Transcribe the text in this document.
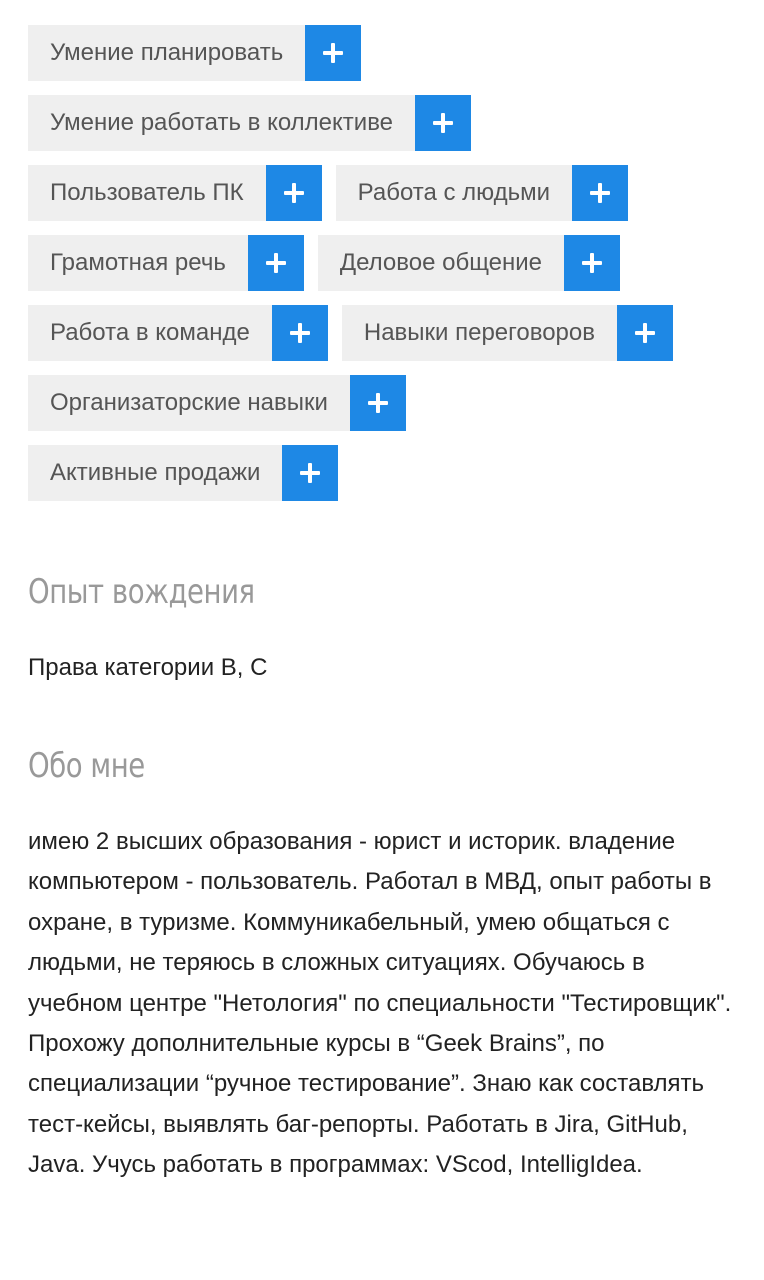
Умение планировать
Умение работать в коллективе
Пользователь ПК	Работа с людьми
Грамотная речь	Деловое общение
Работа в команде	Навыки переговоров
Организаторские навыки
Активные продажи
Опыт вождения

Права категории B, C

Обо мне

имею 2 высших образования - юрист и историк. владение компьютером - пользователь. Работал в МВД, опыт работы в охране, в туризме. Коммуникабельный, умею общаться с людьми, не теряюсь в сложных ситуациях. Обучаюсь в учебном центре "Нетология" по специальности "Тестировщик". Прохожу дополнительные курсы в “Geek Brains”, по специализации “ручное тестирование”. Знаю как составлять тест-кейсы, выявлять баг-репорты. Работать в Jira, GitHub, Java. Учусь работать в программах: VScod, IntelligIdea.
